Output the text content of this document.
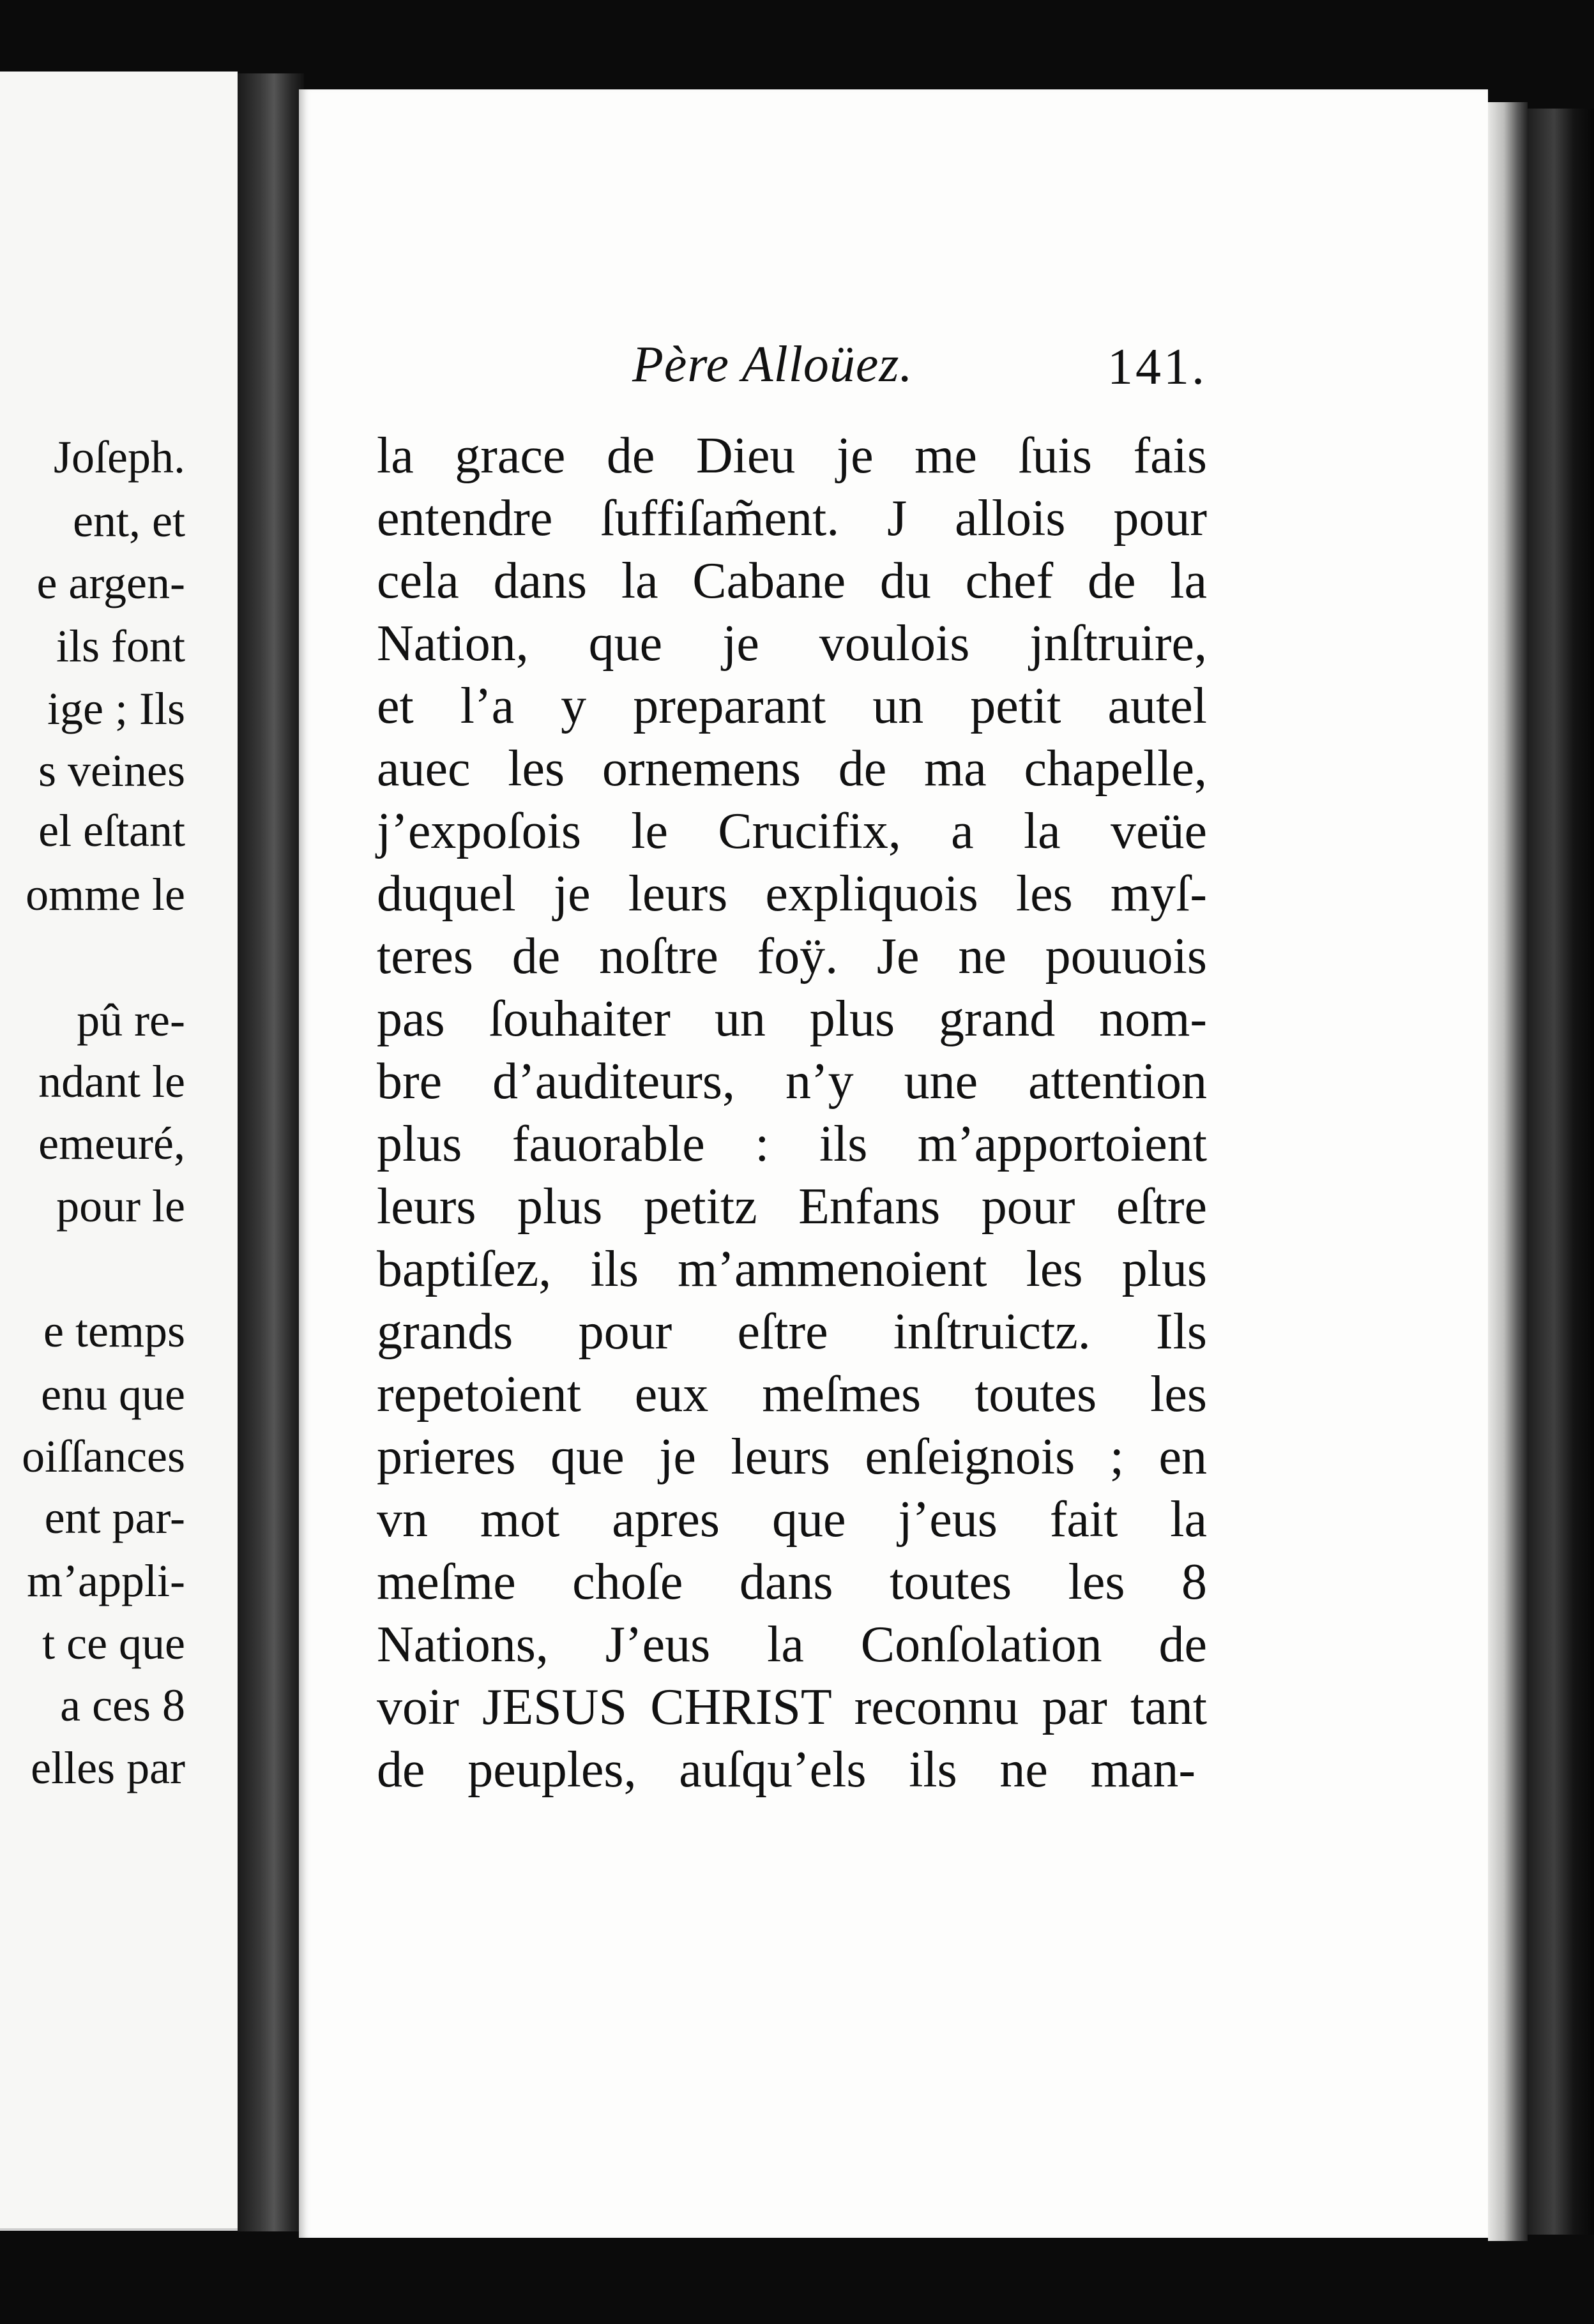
Joſeph.

ent, et

e argen-

ils font

ige ; Ils

s veines

el eſtant

omme le

pû re-

ndant le

emeuré,

pour le

e temps

enu que

oiſſances

ent par-

m’appli-

t ce que

a ces 8

elles par

Père Alloüez.	141.

la grace de Dieu je me ſuis fais

entendre ſuffiſam̃ent. J allois pour

cela dans la Cabane du chef de la

Nation, que je voulois jnſtruire,

et l’a y preparant un petit autel

auec les ornemens de ma chapelle,

j’expoſois le Crucifix, a la veüe

duquel je leurs expliquois les myſ-

teres de noſtre foÿ. Je ne pouuois

pas ſouhaiter un plus grand nom-

bre d’auditeurs, n’y une attention

plus fauorable : ils m’apportoient

leurs plus petitz Enfans pour eſtre

baptiſez, ils m’ammenoient les plus

grands pour eſtre inſtruictz. Ils

repetoient eux meſmes toutes les

prieres que je leurs enſeignois ; en

vn mot apres que j’eus fait la

meſme choſe dans toutes les 8

Nations, J’eus la Conſolation de

voir JESUS CHRIST reconnu par tant

de peuples, auſqu’els ils ne man-
